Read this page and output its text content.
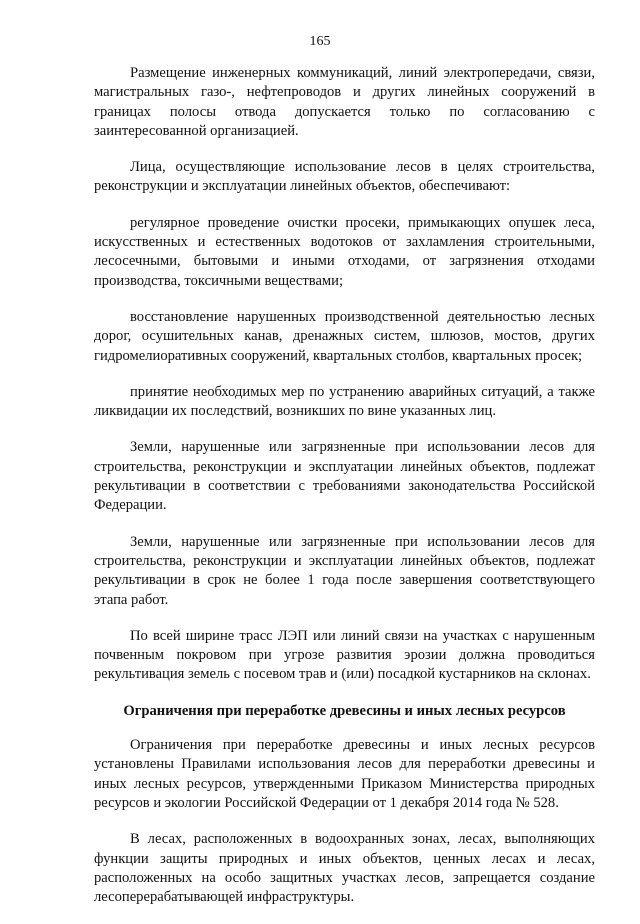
165

Размещение инженерных коммуникаций, линий электропередачи, связи, магистральных газо-, нефтепроводов и других линейных сооружений в границах полосы отвода допускается только по согласованию с заинтересованной организацией.

Лица, осуществляющие использование лесов в целях строительства, реконструкции и эксплуатации линейных объектов, обеспечивают:

регулярное проведение очистки просеки, примыкающих опушек леса, искусственных и естественных водотоков от захламления строительными, лесосечными, бытовыми и иными отходами, от загрязнения отходами производства, токсичными веществами;

восстановление нарушенных производственной деятельностью лесных дорог, осушительных канав, дренажных систем, шлюзов, мостов, других гидромелиоративных сооружений, квартальных столбов, квартальных просек;

принятие необходимых мер по устранению аварийных ситуаций, а также ликвидации их последствий, возникших по вине указанных лиц.

Земли, нарушенные или загрязненные при использовании лесов для строительства, реконструкции и эксплуатации линейных объектов, подлежат рекультивации в соответствии с требованиями законодательства Российской Федерации.

Земли, нарушенные или загрязненные при использовании лесов для строительства, реконструкции и эксплуатации линейных объектов, подлежат рекультивации в срок не более 1 года после завершения соответствующего этапа работ.

По всей ширине трасс ЛЭП или линий связи на участках с нарушенным почвенным покровом при угрозе развития эрозии должна проводиться рекультивация земель с посевом трав и (или) посадкой кустарников на склонах.

Ограничения при переработке древесины и иных лесных ресурсов

Ограничения при переработке древесины и иных лесных ресурсов установлены Правилами использования лесов для переработки древесины и иных лесных ресурсов, утвержденными Приказом Министерства природных ресурсов и экологии Российской Федерации от 1 декабря 2014 года № 528.

В лесах, расположенных в водоохранных зонах, лесах, выполняющих функции защиты природных и иных объектов, ценных лесах и лесах, расположенных на особо защитных участках лесов, запрещается создание лесоперерабатывающей инфраструктуры.
